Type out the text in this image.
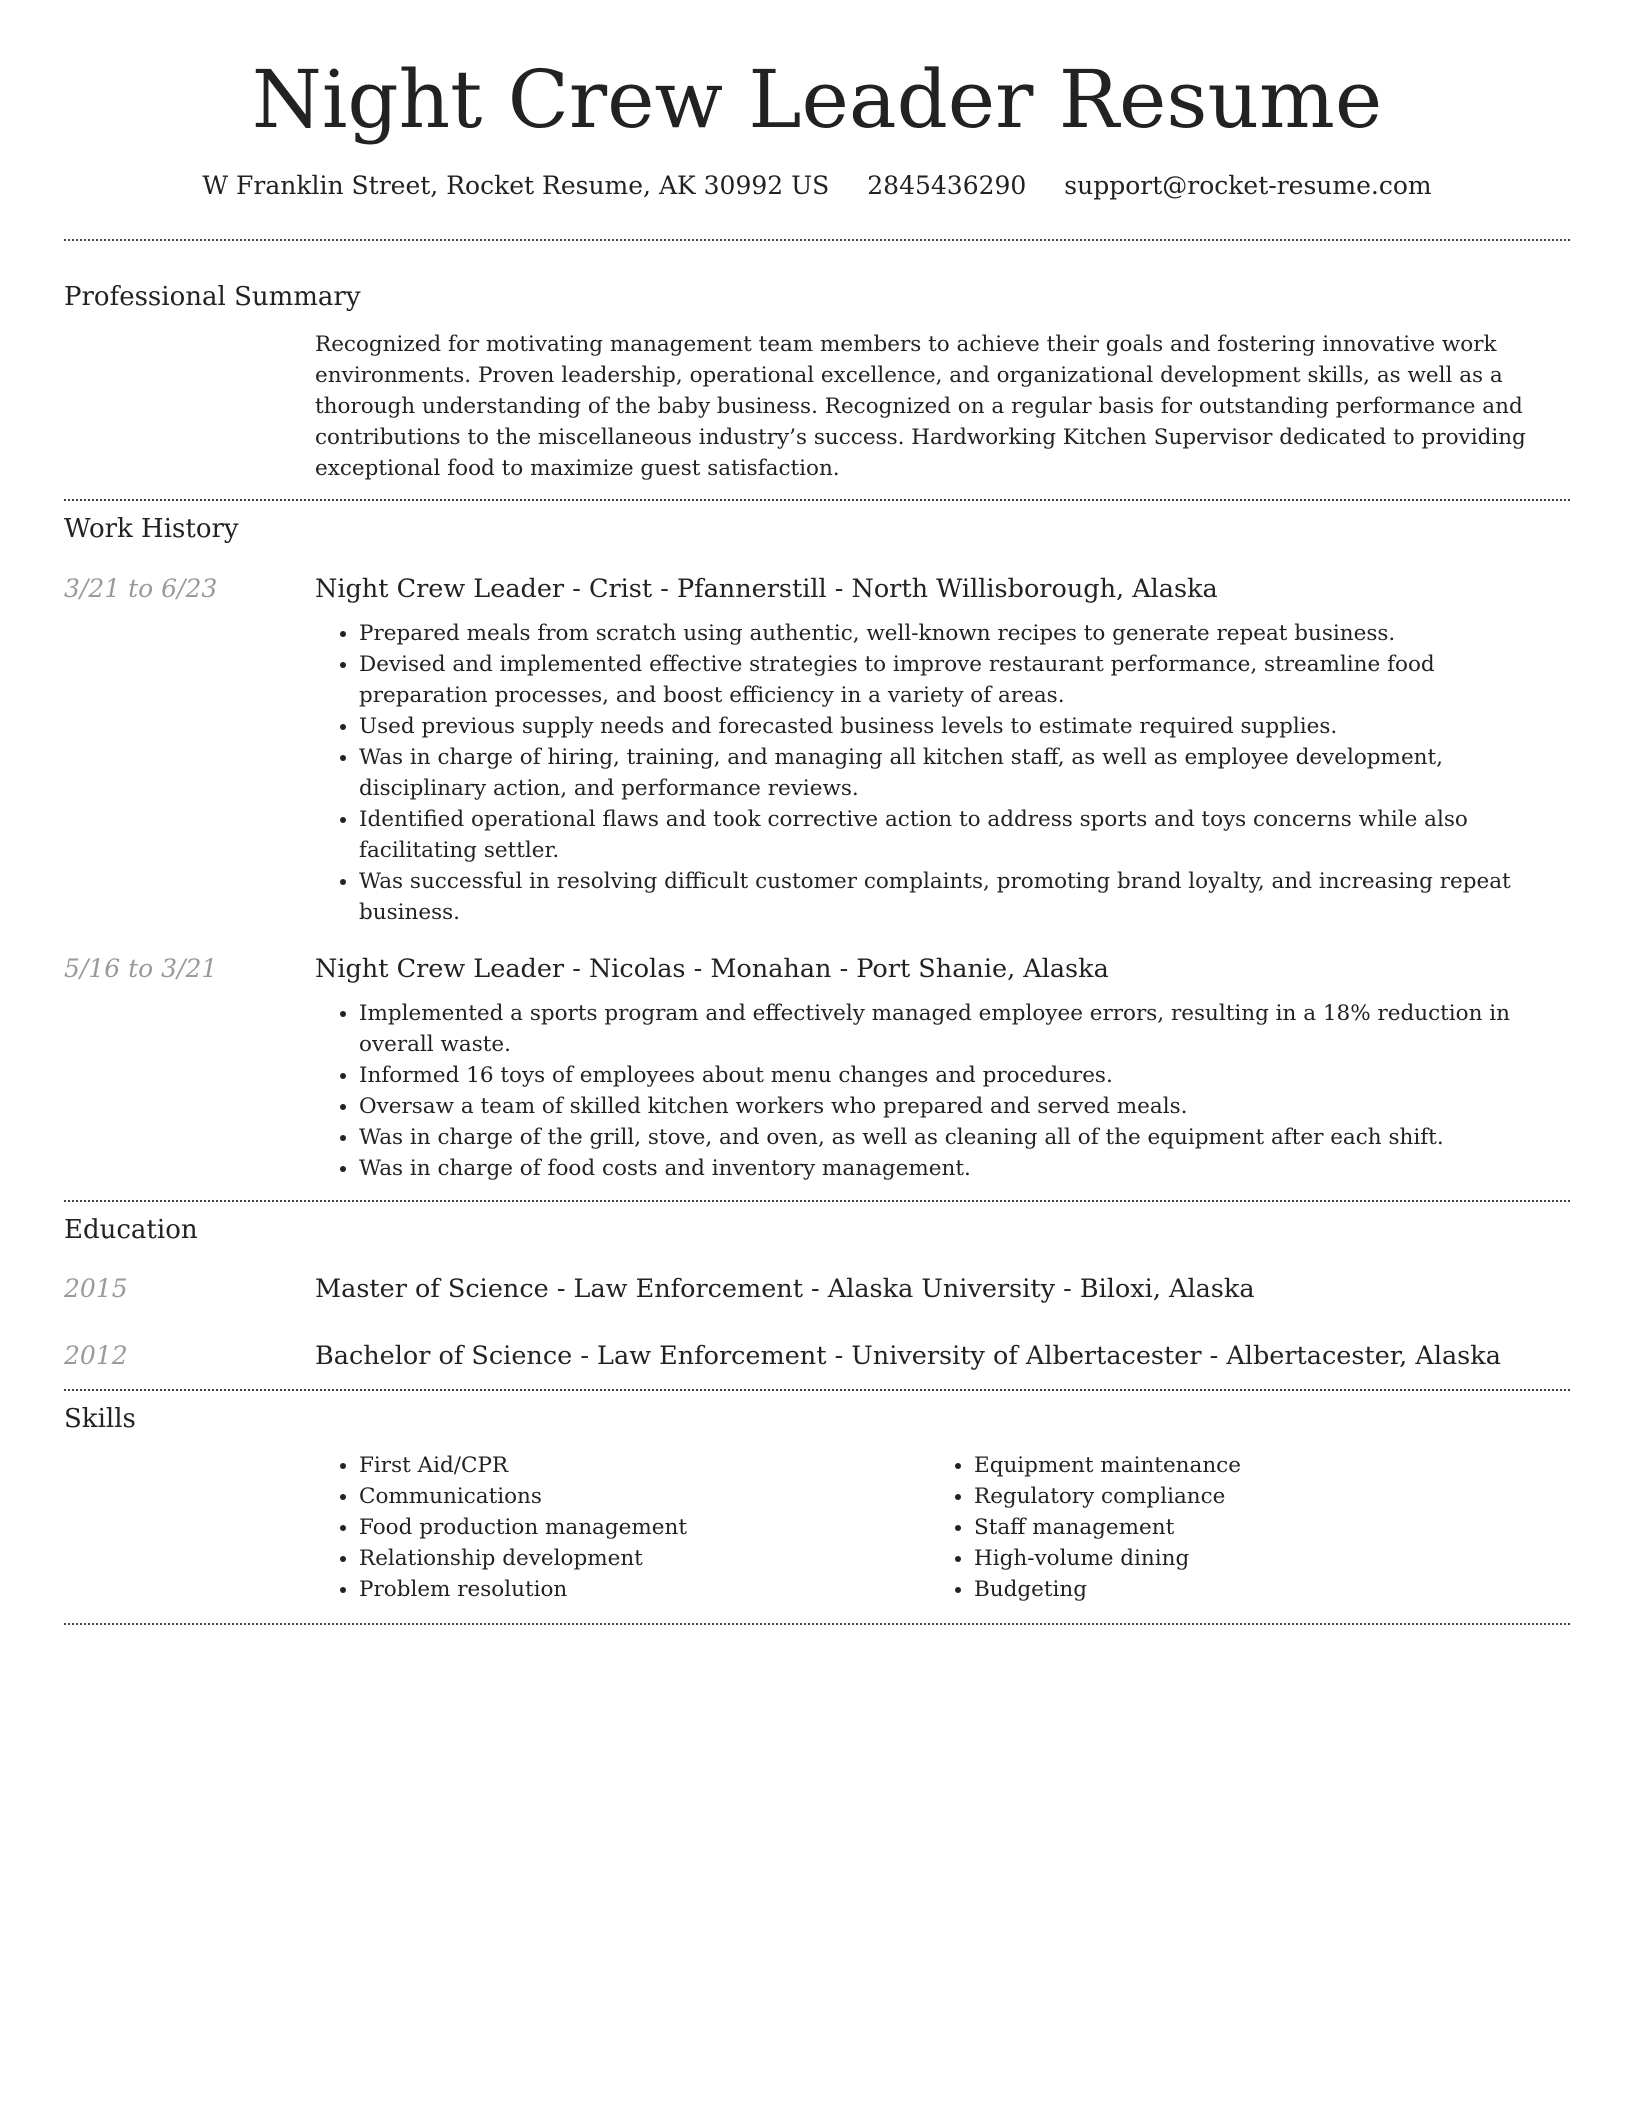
Night Crew Leader Resume
W Franklin Street, Rocket Resume, AK 30992 US 2845436290 support@rocket-resume.com
Professional Summary
Recognized for motivating management team members to achieve their goals and fostering innovative work environments. Proven leadership, operational excellence, and organizational development skills, as well as a thorough understanding of the baby business. Recognized on a regular basis for outstanding performance and contributions to the miscellaneous industry’s success. Hardworking Kitchen Supervisor dedicated to providing exceptional food to maximize guest satisfaction.
Work History
3/21 to 6/23	Night Crew Leader - Crist - Pfannerstill - North Willisborough, Alaska
• Prepared meals from scratch using authentic, well-known recipes to generate repeat business.
• Devised and implemented effective strategies to improve restaurant performance, streamline food preparation processes, and boost efficiency in a variety of areas.
• Used previous supply needs and forecasted business levels to estimate required supplies.
• Was in charge of hiring, training, and managing all kitchen staff, as well as employee development, disciplinary action, and performance reviews.
• Identified operational flaws and took corrective action to address sports and toys concerns while also facilitating settler.
• Was successful in resolving difficult customer complaints, promoting brand loyalty, and increasing repeat business.
5/16 to 3/21	Night Crew Leader - Nicolas - Monahan - Port Shanie, Alaska
• Implemented a sports program and effectively managed employee errors, resulting in a 18% reduction in overall waste.
• Informed 16 toys of employees about menu changes and procedures.
• Oversaw a team of skilled kitchen workers who prepared and served meals.
• Was in charge of the grill, stove, and oven, as well as cleaning all of the equipment after each shift.
• Was in charge of food costs and inventory management.
Education
2015	Master of Science - Law Enforcement - Alaska University - Biloxi, Alaska
2012	Bachelor of Science - Law Enforcement - University of Albertacester - Albertacester, Alaska
Skills
• First Aid/CPR
• Communications
• Food production management
• Relationship development
• Problem resolution
• Equipment maintenance
• Regulatory compliance
• Staff management
• High-volume dining
• Budgeting
